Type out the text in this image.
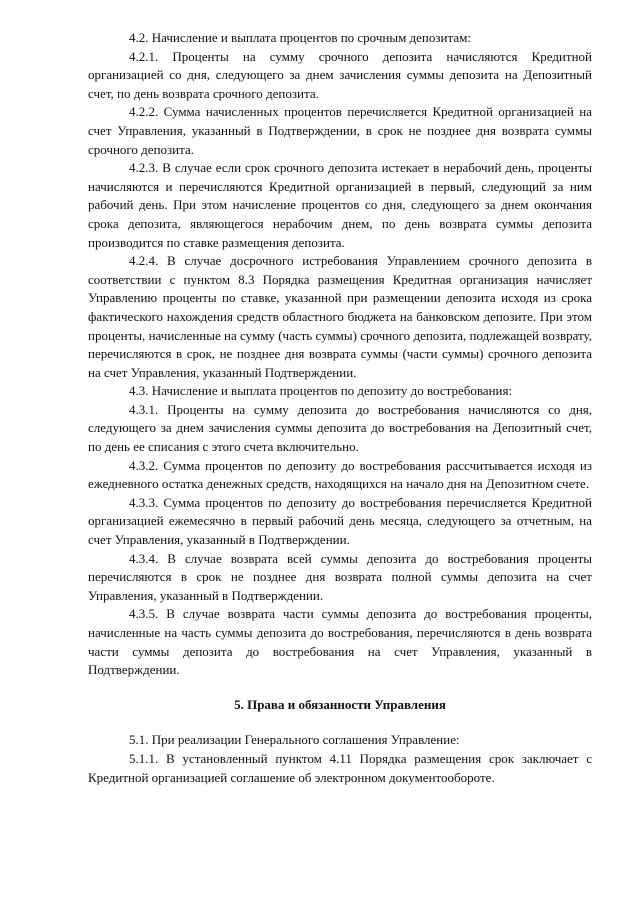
4.2. Начисление и выплата процентов по срочным депозитам:

4.2.1. Проценты на сумму срочного депозита начисляются Кредитной организацией со дня, следующего за днем зачисления суммы депозита на Депозитный счет, по день возврата срочного депозита.

4.2.2. Сумма начисленных процентов перечисляется Кредитной организацией на счет Управления, указанный в Подтверждении, в срок не позднее дня возврата суммы срочного депозита.

4.2.3. В случае если срок срочного депозита истекает в нерабочий день, проценты начисляются и перечисляются Кредитной организацией в первый, следующий за ним рабочий день. При этом начисление процентов со дня, следующего за днем окончания срока депозита, являющегося нерабочим днем, по день возврата суммы депозита производится по ставке размещения депозита.

4.2.4. В случае досрочного истребования Управлением срочного депозита в соответствии с пунктом 8.3 Порядка размещения Кредитная организация начисляет Управлению проценты по ставке, указанной при размещении депозита исходя из срока фактического нахождения средств областного бюджета на банковском депозите. При этом проценты, начисленные на сумму (часть суммы) срочного депозита, подлежащей возврату, перечисляются в срок, не позднее дня возврата суммы (части суммы) срочного депозита на счет Управления, указанный Подтверждении.

4.3. Начисление и выплата процентов по депозиту до востребования:

4.3.1. Проценты на сумму депозита до востребования начисляются со дня, следующего за днем зачисления суммы депозита до востребования на Депозитный счет, по день ее списания с этого счета включительно.

4.3.2. Сумма процентов по депозиту до востребования рассчитывается исходя из ежедневного остатка денежных средств, находящихся на начало дня на Депозитном счете.

4.3.3. Сумма процентов по депозиту до востребования перечисляется Кредитной организацией ежемесячно в первый рабочий день месяца, следующего за отчетным, на счет Управления, указанный в Подтверждении.

4.3.4. В случае возврата всей суммы депозита до востребования проценты перечисляются в срок не позднее дня возврата полной суммы депозита на счет Управления, указанный в Подтверждении.

4.3.5. В случае возврата части суммы депозита до востребования проценты, начисленные на часть суммы депозита до востребования, перечисляются в день возврата части суммы депозита до востребования на счет Управления, указанный в Подтверждении.

5. Права и обязанности Управления

5.1. При реализации Генерального соглашения Управление:

5.1.1. В установленный пунктом 4.11 Порядка размещения срок заключает с Кредитной организацией соглашение об электронном документообороте.
